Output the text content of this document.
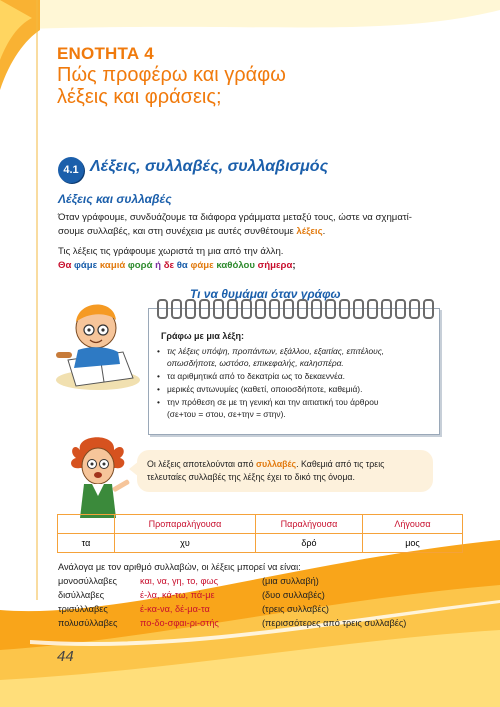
ΕΝΟΤΗΤΑ 4
Πώς προφέρω και γράφω
λέξεις και φράσεις;
4.1 Λέξεις, συλλαβές, συλλαβισμός
Λέξεις και συλλαβές
Όταν γράφουμε, συνδυάζουμε τα διάφορα γράμματα μεταξύ τους, ώστε να σχηματί-
σουμε συλλαβές, και στη συνέχεια με αυτές συνθέτουμε λέξεις.
Τις λέξεις τις γράφουμε χωριστά τη μια από την άλλη.
Θα φάμε καμιά φορά ή δε θα φάμε καθόλου σήμερα;
Τι να θυμάμαι όταν γράφω
Γράφω με μια λέξη:
• τις λέξεις υπόψη, προπάντων, εξάλλου, εξαιτίας, επιτέλους,
οπωσδήποτε, ωστόσο, επικεφαλής, καλησπέρα.
• τα αριθμητικά από το δεκατρία ως το δεκαεννέα.
• μερικές αντωνυμίες (καθετί, οποιοσδήποτε, καθεμιά).
• την πρόθεση σε με τη γενική και την αιτιατική του άρθρου
(σε+του = στου, σε+την = στην).
Οι λέξεις αποτελούνται από συλλαβές. Καθεμιά από τις τρεις
τελευταίες συλλαβές της λέξης έχει το δικό της όνομα.
	Προπαραλήγουσα	Παραλήγουσα	Λήγουσα
τα	χυ	δρό	μος
Ανάλογα με τον αριθμό συλλαβών, οι λέξεις μπορεί να είναι:
μονοσύλλαβες	και, να, γη, το, φως	(μια συλλαβή)
δισύλλαβες	έ-λα, κά-τω, πά-με	(δυο συλλαβές)
τρισύλλαβες	έ-κα-να, δέ-μα-τα	(τρεις συλλαβές)
πολυσύλλαβες πο-δο-σφαι-ρι-στής	(περισσότερες από τρεις συλλαβές)
44
